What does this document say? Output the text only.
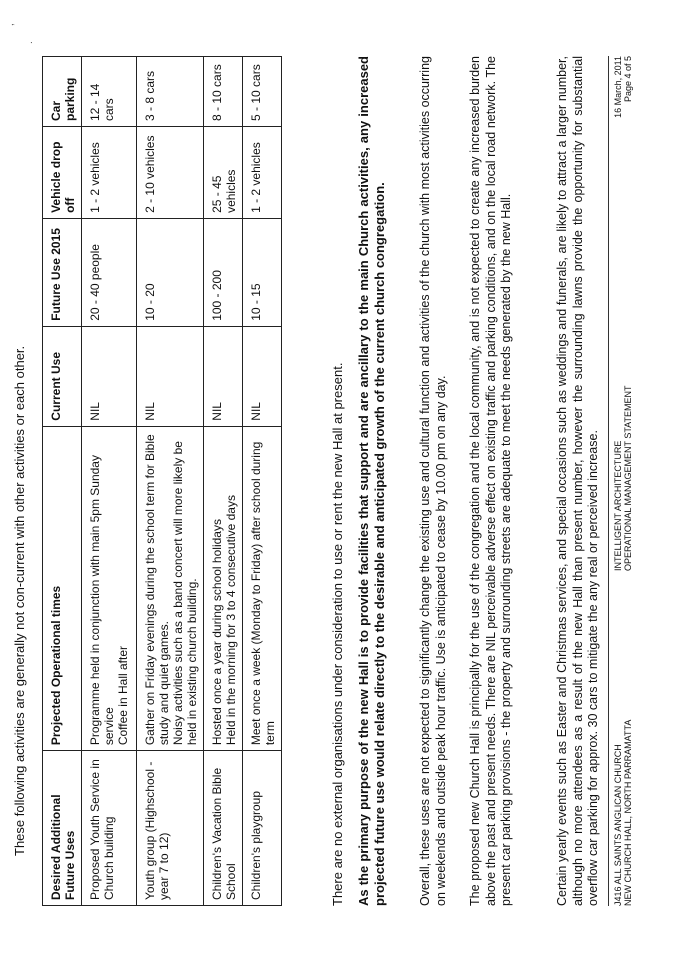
,
.

These following activities are generally not con-current with other activities or each other. Desired Additional Future Uses	Projected Operational times	Current Use	Future Use 2015	Vehicle drop off	Car parking
Proposed Youth Service in Church building	Programme held in conjunction with main 5pm Sunday service Coffee in Hall after	NIL	20 - 40 people	1 - 2 vehicles	12 - 14 cars
Youth group (Highschool - year 7 to 12)	Gather on Friday evenings during the school term for Bible study and quiet games. Noisy activities such as a band concert will more likely be held in existing church building.	NIL	10 - 20	2 - 10 vehicles	3 - 8 cars
Children's Vacation Bible School	Hosted once a year during school holidays Held in the morning for 3 to 4 consecutive days	NIL	100 - 200	25 - 45 vehicles	8 - 10 cars
Children's playgroup	Meet once a week (Monday to Friday) after school during term	NIL	10 - 15	1 - 2 vehicles	5 - 10 cars

There are no external organisations under consideration to use or rent the new Hall at present. As the primary purpose of the new Hall is to provide facilities that support and are ancillary to the main Church activities, any increased projected future use would relate directly to the desirable and anticipated growth of the current church congregation. Overall, these uses are not expected to significantly change the existing use and cultural function and activities of the church with most activities occurring on weekends and outside peak hour traffic. Use is anticipated to cease by 10.00 pm on any day. The proposed new Church Hall is principally for the use of the congregation and the local community, and is not expected to create any increased burden above the past and present needs. There are NIL perceivable adverse effect on existing traffic and parking conditions, and on the local road network. The present car parking provisions - the property and surrounding streets are adequate to meet the needs generated by the new Hall.	Certain yearly events such as Easter and Christmas services, and special occasions such as weddings and funerals, are likely to attract a larger number, although no more attendees as a result of the new Hall than present number, however the surrounding lawns provide the opportunity for substantial overflow car parking for approx. 30 cars to mitigate the any real or perceived increase. J416 ALL SAINTS ANGLICAN CHURCH NEW CHURCH HALL, NORTH PARRAMATTA

INTELLIGENT ARCHITECTURE OPERATIONAL MANAGEMENT STATEMENT

16 March, 2011 Page 4 of 5
